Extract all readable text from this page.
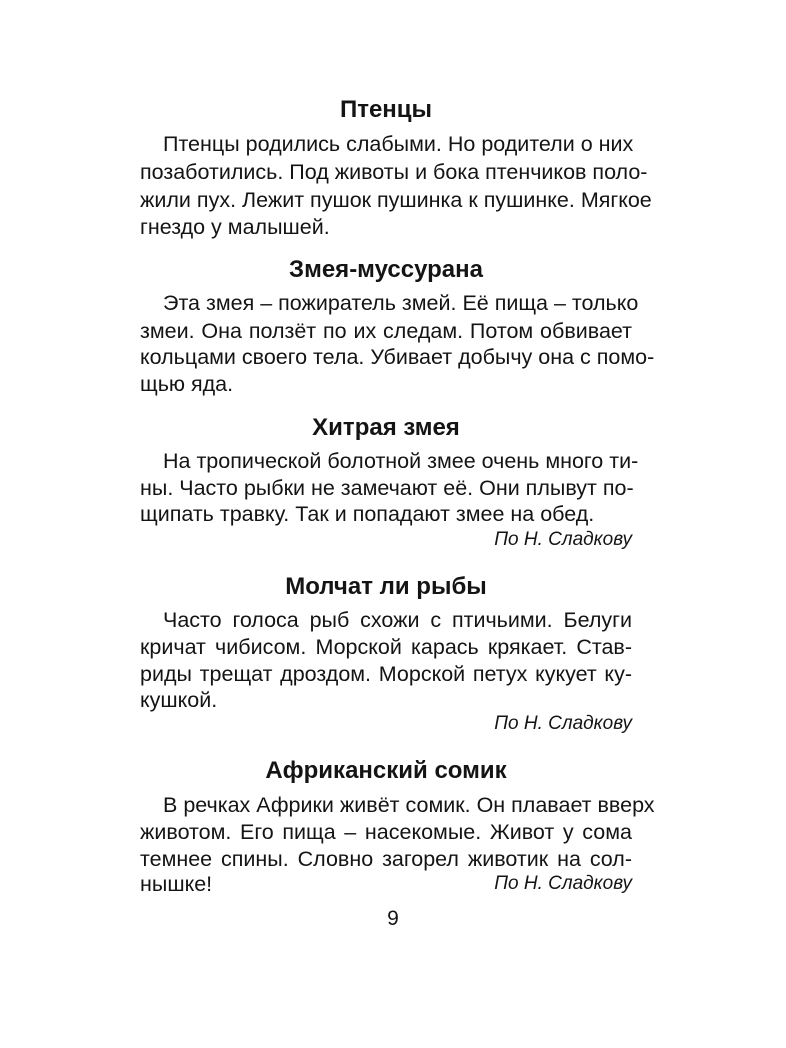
Птенцы

Птенцы родились слабыми. Но родители о них

позаботились. Под животы и бока птенчиков поло-

жили пух. Лежит пушок пушинка к пушинке. Мягкое

гнездо у малышей.

Змея-муссурана

Эта змея – пожиратель змей. Её пища – только

змеи. Она ползёт по их следам. Потом обвивает

кольцами своего тела. Убивает добычу она с помо-

щью яда.

Хитрая змея

На тропической болотной змее очень много ти-

ны. Часто рыбки не замечают её. Они плывут по-

щипать травку. Так и попадают змее на обед.

По Н. Сладкову
Молчат ли рыбы

Часто голоса рыб схожи с птичьими. Белуги

кричат чибисом. Морской карась крякает. Став-

риды трещат дроздом. Морской петух кукует ку-

кушкой.

По Н. Сладкову
Африканский сомик

В речках Африки живёт сомик. Он плавает вверх

животом. Его пища – насекомые. Живот у сома

темнее спины. Словно загорел животик на сол-

нышке!	По Н. Сладкову
9
